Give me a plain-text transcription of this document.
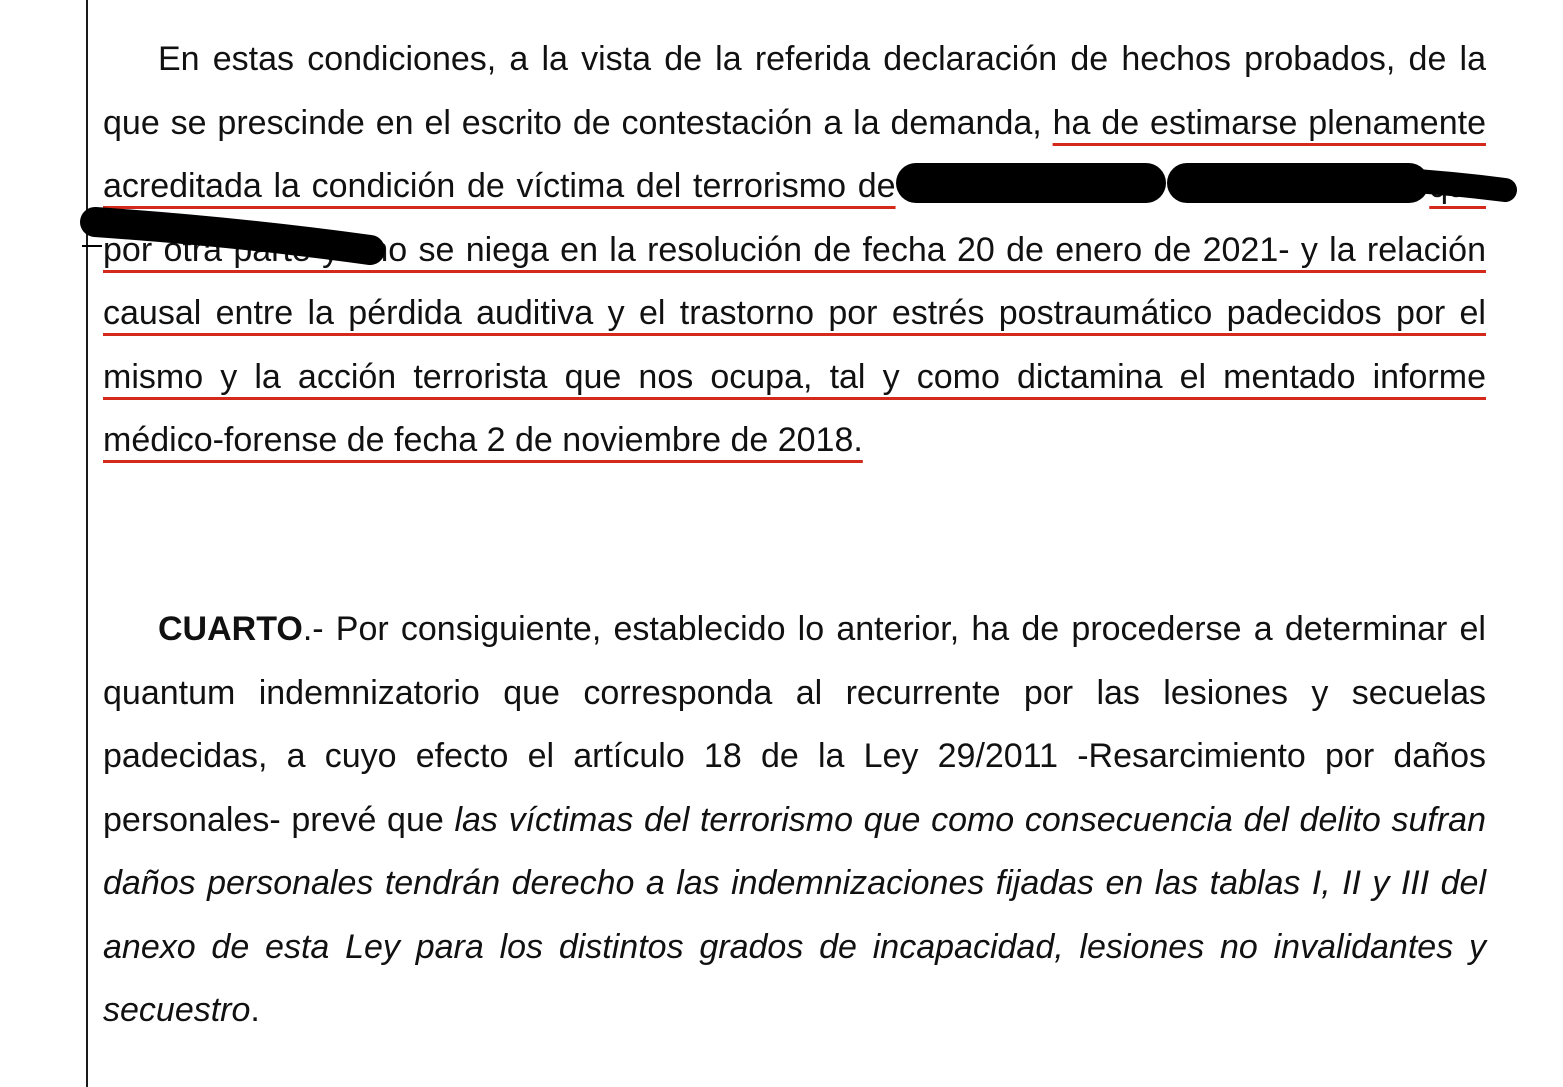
En estas condiciones, a la vista de la referida declaración de hechos probados, de la que se prescinde en el escrito de contestación a la demanda, ha de estimarse plenamente acreditada la condición de víctima del terrorismo de	que por otra parte ya no se niega en la resolución de fecha 20 de enero de 2021- y la relación causal entre la pérdida auditiva y el trastorno por estrés postraumático padecidos por el mismo y la acción terrorista que nos ocupa, tal y como dictamina el mentado informe médico-forense de fecha 2 de noviembre de 2018.

CUARTO.- Por consiguiente, establecido lo anterior, ha de procederse a determinar el quantum indemnizatorio que corresponda al recurrente por las lesiones y secuelas padecidas, a cuyo efecto el artículo 18 de la Ley 29/2011 -Resarcimiento por daños personales- prevé que las víctimas del terrorismo que como consecuencia del delito sufran daños personales tendrán derecho a las indemnizaciones fijadas en las tablas I, II y III del anexo de esta Ley para los distintos grados de incapacidad, lesiones no invalidantes y secuestro.
